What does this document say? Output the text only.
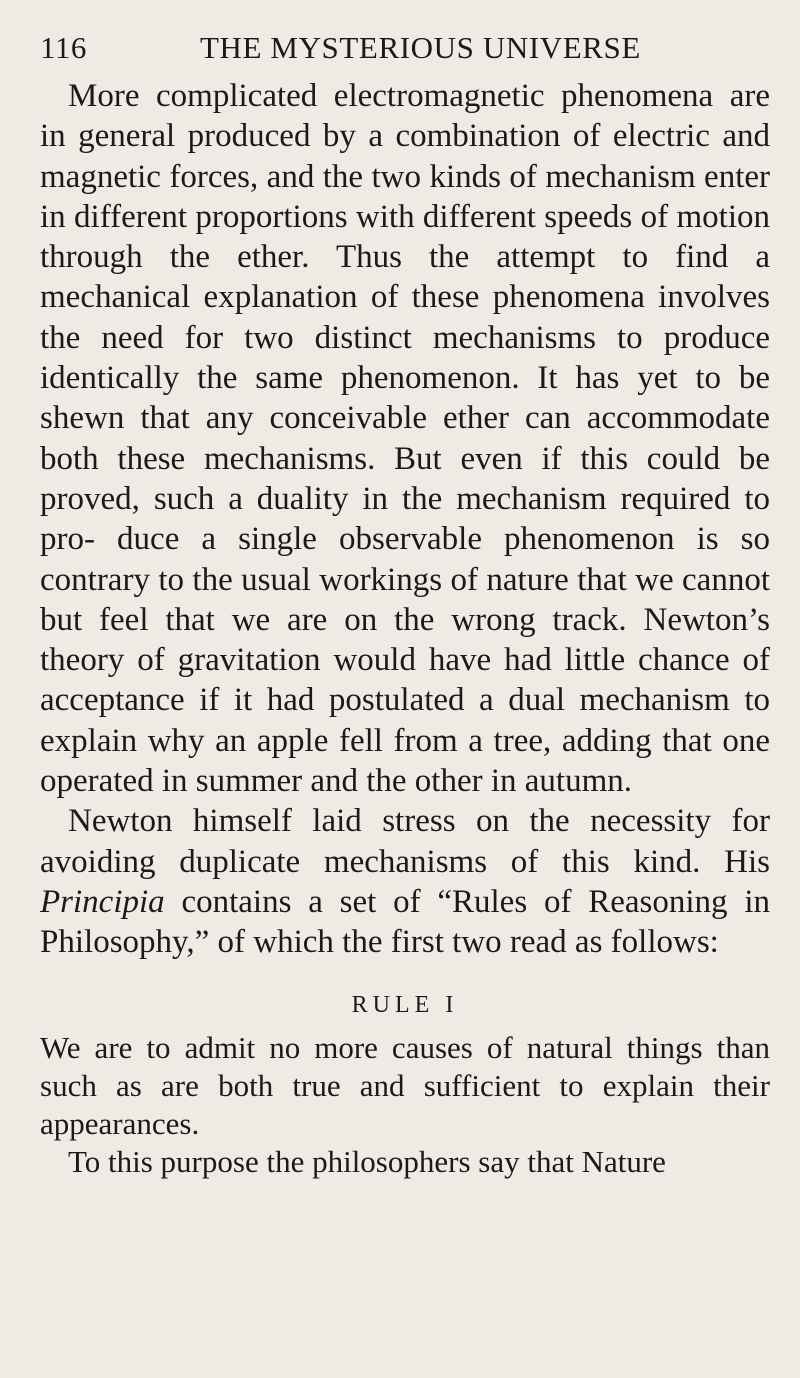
116	THE MYSTERIOUS UNIVERSE

More complicated electromagnetic phenomena are in general produced by a combination of electric and magnetic forces, and the two kinds of mechanism enter in different proportions with different speeds of motion through the ether. Thus the attempt to find a mechanical explanation of these phenomena involves the need for two distinct mechanisms to produce identically the same phenomenon. It has yet to be shewn that any conceivable ether can accommodate both these mechanisms. But even if this could be proved, such a duality in the mechanism required to pro- duce a single observable phenomenon is so contrary to the usual workings of nature that we cannot but feel that we are on the wrong track. Newton’s theory of gravitation would have had little chance of acceptance if it had postulated a dual mechanism to explain why an apple fell from a tree, adding that one operated in summer and the other in autumn.

Newton himself laid stress on the necessity for avoiding duplicate mechanisms of this kind. His Principia contains a set of “Rules of Reasoning in Philosophy,” of which the first two read as follows:

RULE I

We are to admit no more causes of natural things than such as are both true and sufficient to explain their appearances.

To this purpose the philosophers say that Nature
